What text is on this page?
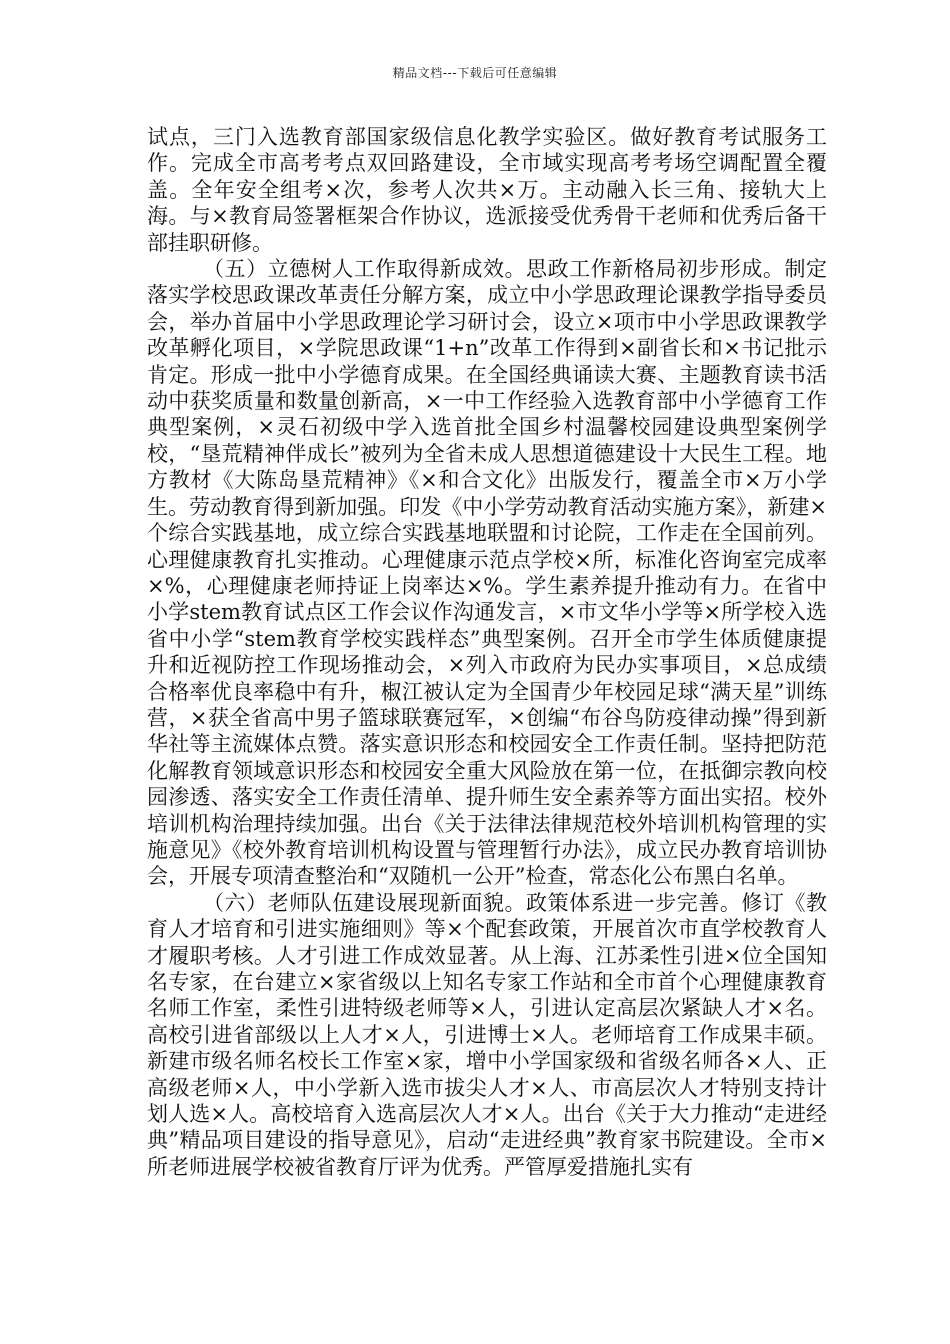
精品文档---下载后可任意编辑

试点，三门入选教育部国家级信息化教学实验区。做好教育考试服务工作。完成全市高考考点双回路建设，全市域实现高考考场空调配置全覆盖。全年安全组考×次，参考人次共×万。主动融入长三角、接轨大上海。与×教育局签署框架合作协议，选派接受优秀骨干老师和优秀后备干部挂职研修。

（五）立德树人工作取得新成效。思政工作新格局初步形成。制定落实学校思政课改革责任分解方案，成立中小学思政理论课教学指导委员会，举办首届中小学思政理论学习研讨会，设立×项市中小学思政课教学改革孵化项目，×学院思政课“1+n”改革工作得到×副省长和×书记批示肯定。形成一批中小学德育成果。在全国经典诵读大赛、主题教育读书活动中获奖质量和数量创新高，×一中工作经验入选教育部中小学德育工作典型案例，×灵石初级中学入选首批全国乡村温馨校园建设典型案例学校，“垦荒精神伴成长”被列为全省未成人思想道德建设十大民生工程。地方教材《大陈岛垦荒精神》《×和合文化》出版发行，覆盖全市×万小学生。劳动教育得到新加强。印发《中小学劳动教育活动实施方案》，新建×个综合实践基地，成立综合实践基地联盟和讨论院，工作走在全国前列。心理健康教育扎实推动。心理健康示范点学校×所，标准化咨询室完成率×%，心理健康老师持证上岗率达×%。学生素养提升推动有力。在省中小学stem教育试点区工作会议作沟通发言，×市文华小学等×所学校入选省中小学“stem教育学校实践样态”典型案例。召开全市学生体质健康提升和近视防控工作现场推动会，×列入市政府为民办实事项目，×总成绩合格率优良率稳中有升，椒江被认定为全国青少年校园足球“满天星”训练营，×获全省高中男子篮球联赛冠军，×创编“布谷鸟防疫律动操”得到新华社等主流媒体点赞。落实意识形态和校园安全工作责任制。坚持把防范化解教育领域意识形态和校园安全重大风险放在第一位，在抵御宗教向校园渗透、落实安全工作责任清单、提升师生安全素养等方面出实招。校外培训机构治理持续加强。出台《关于法律法律规范校外培训机构管理的实施意见》《校外教育培训机构设置与管理暂行办法》，成立民办教育培训协会，开展专项清查整治和“双随机一公开”检查，常态化公布黑白名单。

（六）老师队伍建设展现新面貌。政策体系进一步完善。修订《教育人才培育和引进实施细则》等×个配套政策，开展首次市直学校教育人才履职考核。人才引进工作成效显著。从上海、江苏柔性引进×位全国知名专家，在台建立×家省级以上知名专家工作站和全市首个心理健康教育名师工作室，柔性引进特级老师等×人，引进认定高层次紧缺人才×名。高校引进省部级以上人才×人，引进博士×人。老师培育工作成果丰硕。新建市级名师名校长工作室×家，增中小学国家级和省级名师各×人、正高级老师×人，中小学新入选市拔尖人才×人、市高层次人才特别支持计划人选×人。高校培育入选高层次人才×人。出台《关于大力推动“走进经典”精品项目建设的指导意见》，启动“走进经典”教育家书院建设。全市×所老师进展学校被省教育厅评为优秀。严管厚爱措施扎实有
